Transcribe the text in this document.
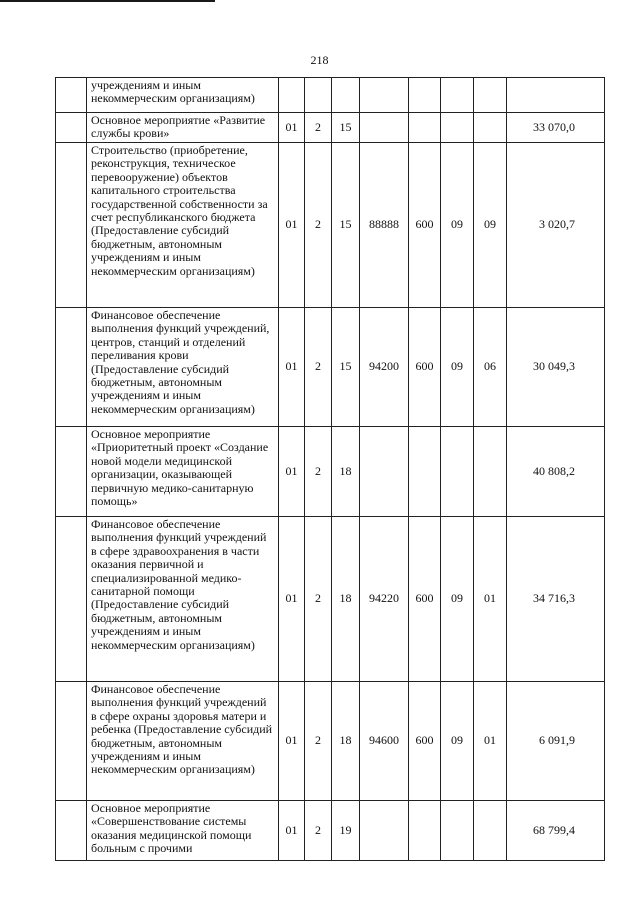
218
	учреждениям и иным некоммерческим организациям)								
	Основное мероприятие «Развитие службы крови»	01	2	15					33 070,0
	Строительство (приобретение, реконструкция, техническое перевооружение) объектов капитального строительства государственной собственности за счет республиканского бюджета (Предоставление субсидий бюджетным, автономным учреждениям и иным некоммерческим организациям)	01	2	15	88888	600	09	09	3 020,7
	Финансовое обеспечение выполнения функций учреждений, центров, станций и отделений переливания крови (Предоставление субсидий бюджетным, автономным учреждениям и иным некоммерческим организациям)	01	2	15	94200	600	09	06	30 049,3
	Основное мероприятие «Приоритетный проект «Создание новой модели медицинской организации, оказывающей первичную медико-санитарную помощь»	01	2	18					40 808,2
	Финансовое обеспечение выполнения функций учреждений в сфере здравоохранения в части оказания первичной и специализированной медико-санитарной помощи (Предоставление субсидий бюджетным, автономным учреждениям и иным некоммерческим организациям)	01	2	18	94220	600	09	01	34 716,3
	Финансовое обеспечение выполнения функций учреждений в сфере охраны здоровья матери и ребенка (Предоставление субсидий бюджетным, автономным учреждениям и иным некоммерческим организациям)	01	2	18	94600	600	09	01	6 091,9
	Основное мероприятие «Совершенствование системы оказания медицинской помощи больным с прочими	01	2	19					68 799,4
